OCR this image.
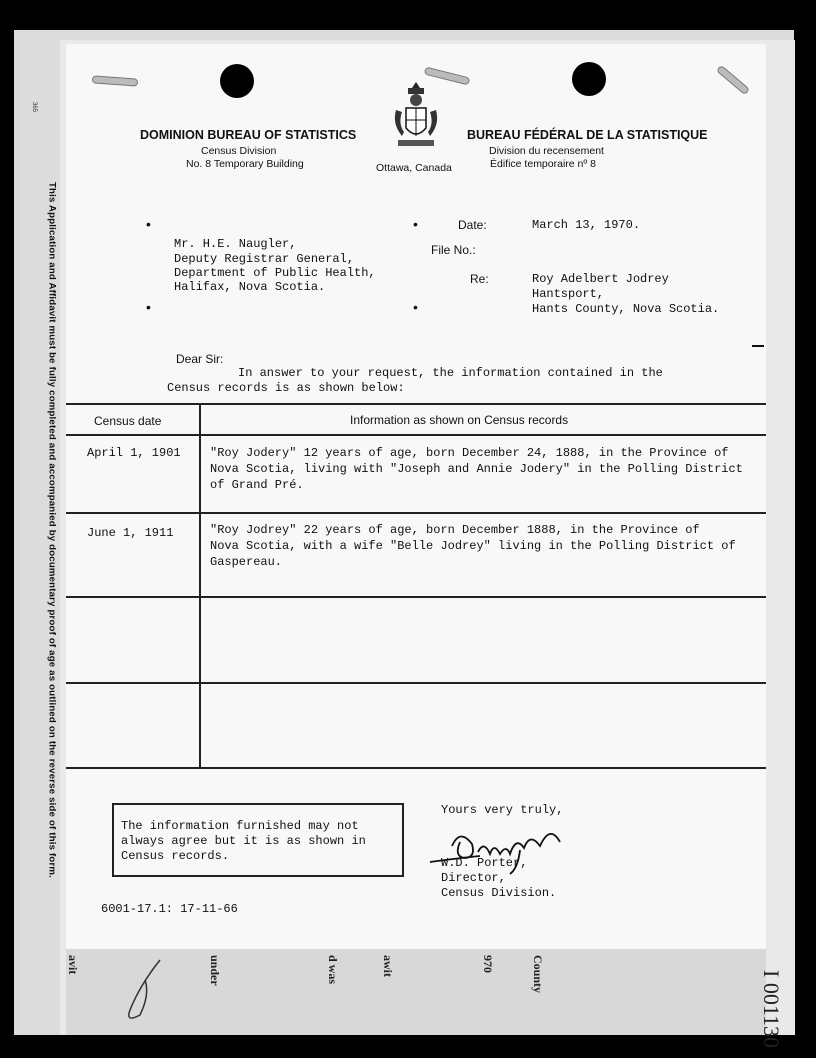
365
This Application and Affidavit must be fully completed and accompanied by documentary proof of age as outlined on the reverse side of this form.
DOMINION BUREAU OF STATISTICS
Census Division
No. 8 Temporary Building	Ottawa, Canada
BUREAU FÉDÉRAL DE LA STATISTIQUE
Division du recensement
Édifice temporaire nº 8
•	•
•	•
Date:	March 13, 1970.
File No.:
Re:	Roy Adelbert Jodrey
Hantsport,
Hants County, Nova Scotia.
Mr. H.E. Naugler,
Deputy Registrar General,
Department of Public Health,
Halifax, Nova Scotia.
Dear Sir:
In answer to your request, the information contained in the
Census records is as shown below:
Census date	Information as shown on Census records
April 1, 1901 "Roy Jodery" 12 years of age, born December 24, 1888, in the Province of
Nova Scotia, living with "Joseph and Annie Jodery" in the Polling District
of Grand Pré.
June 1, 1911	"Roy Jodrey" 22 years of age, born December 1888, in the Province of
Nova Scotia, with a wife "Belle Jodrey" living in the Polling District of
Gaspereau.
The information furnished may not always agree but it is as shown in Census records.
Yours very truly,
W.D. Porter,
Director,
Census Division.
6001-17.1: 17-11-66
avit	under	d was	awit	970	County	I 001130
